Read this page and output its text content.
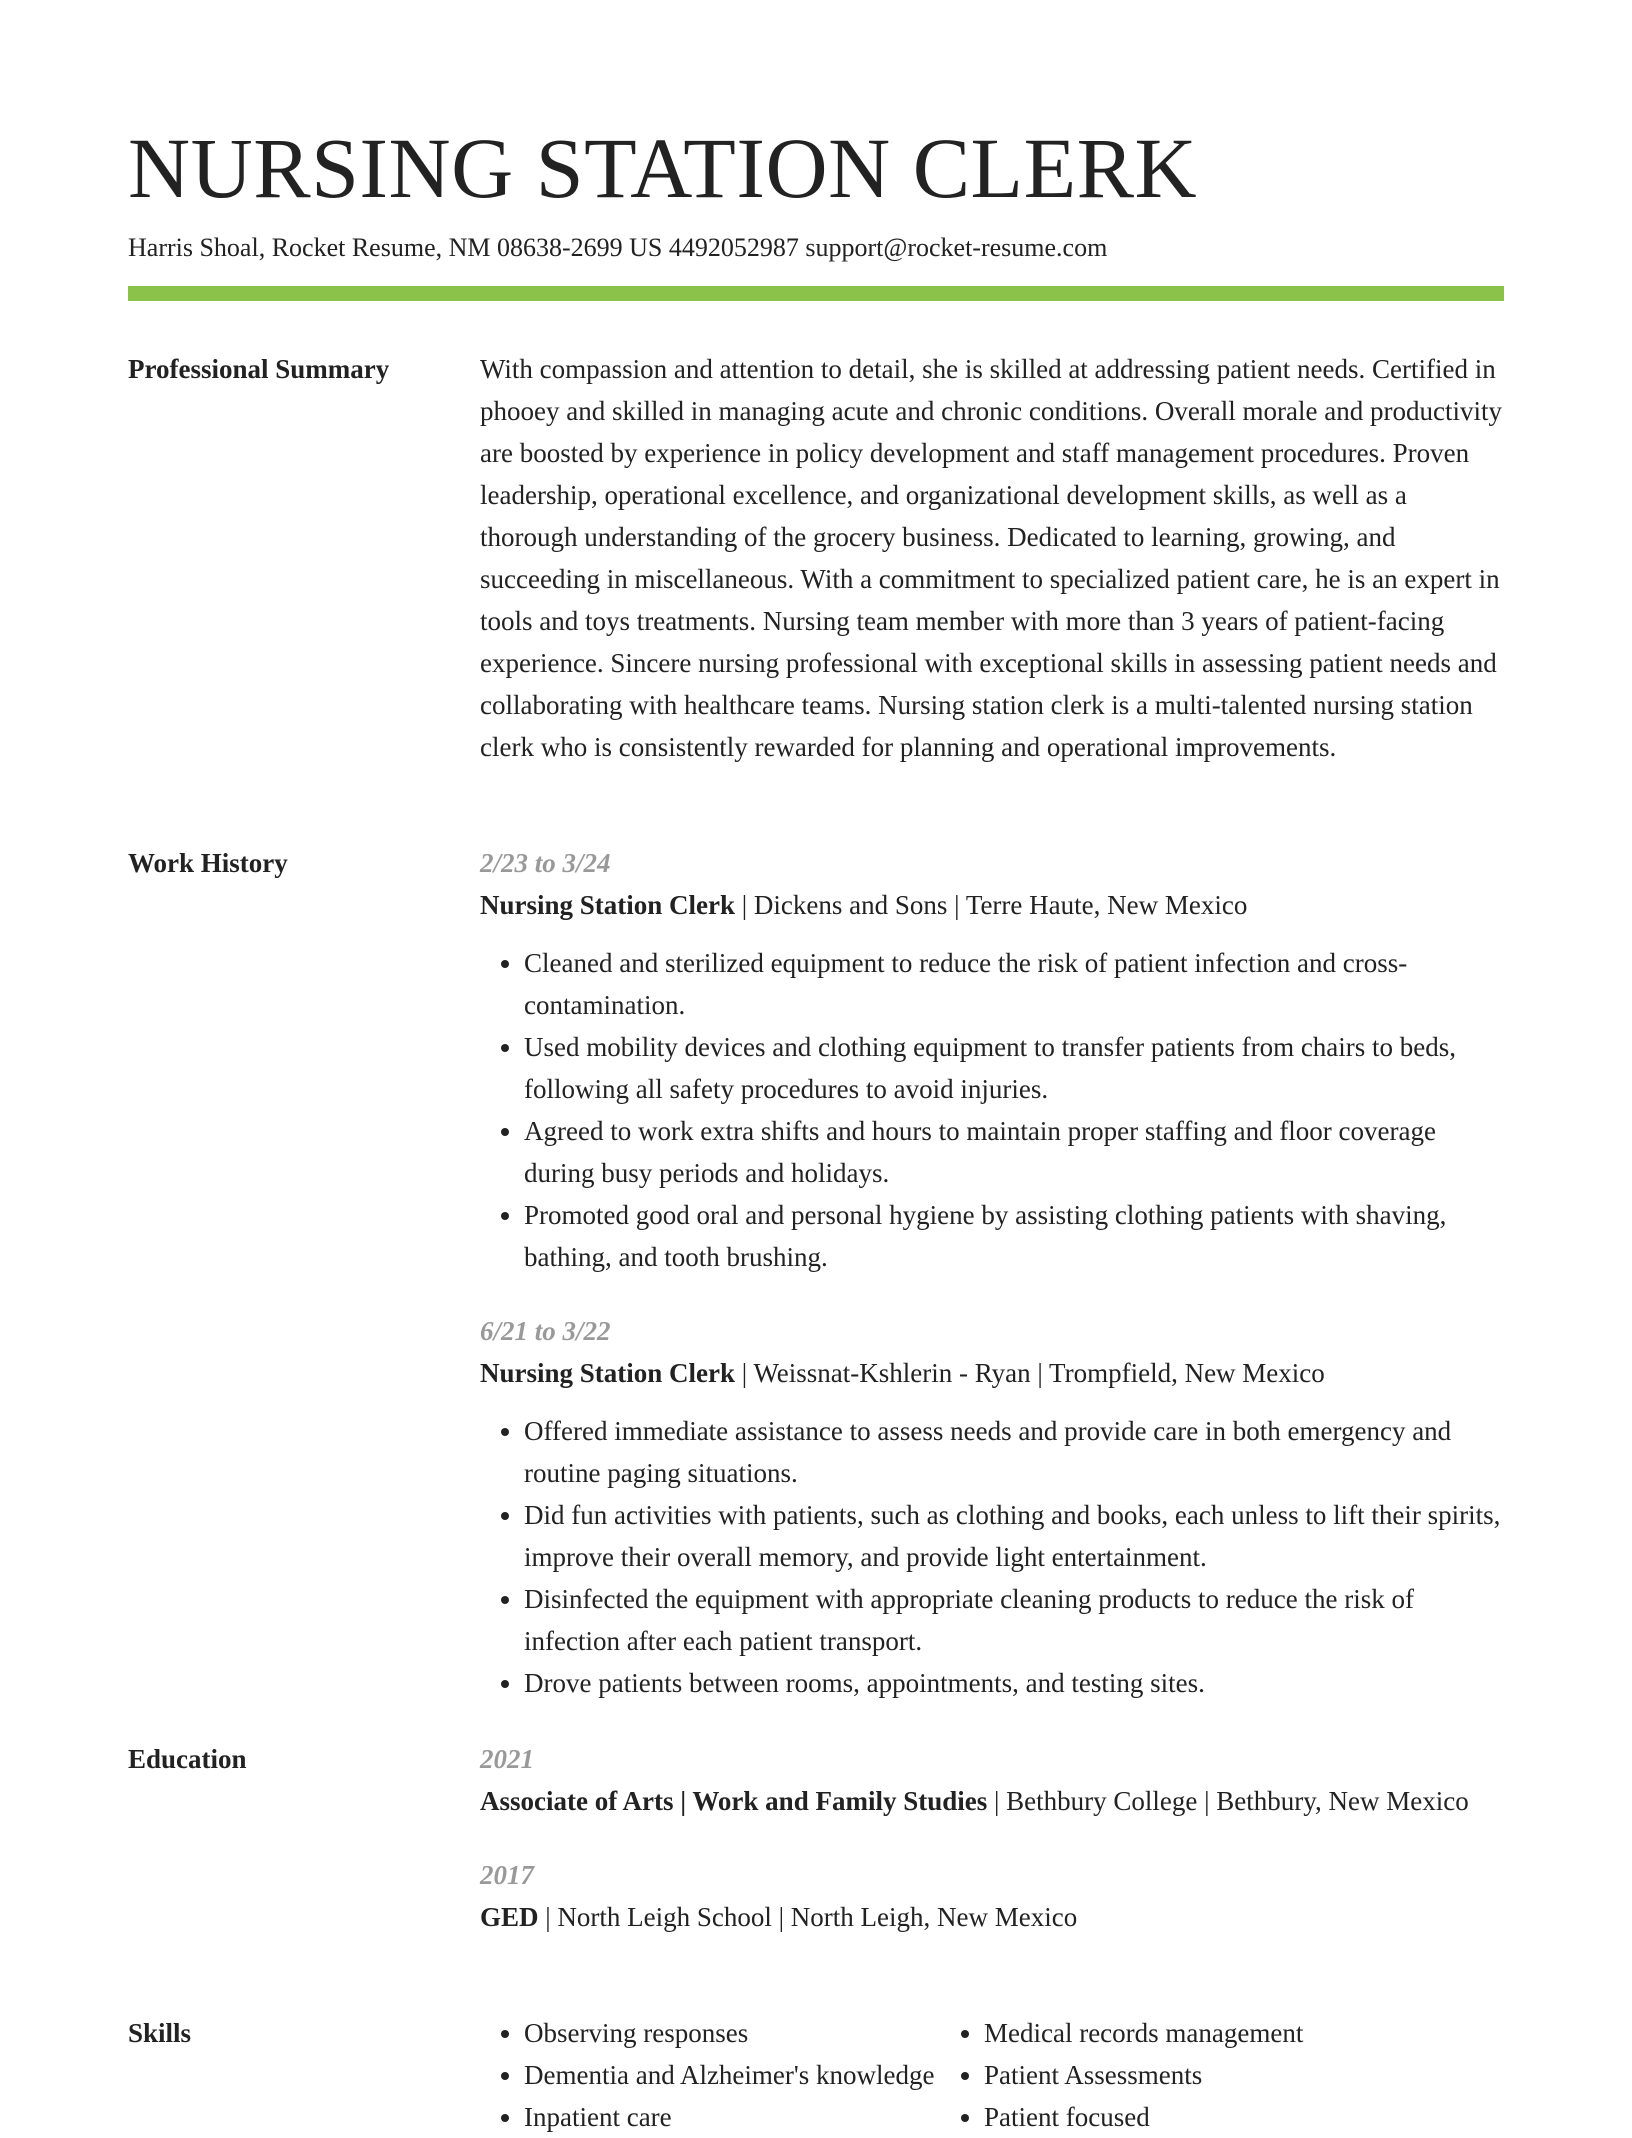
NURSING STATION CLERK
Harris Shoal, Rocket Resume, NM 08638-2699 US 4492052987 support@rocket-resume.com
Professional Summary	With compassion and attention to detail, she is skilled at addressing patient needs. Certified in phooey and skilled in managing acute and chronic conditions. Overall morale and productivity are boosted by experience in policy development and staff management procedures. Proven leadership, operational excellence, and organizational development skills, as well as a thorough understanding of the grocery business. Dedicated to learning, growing, and succeeding in miscellaneous. With a commitment to specialized patient care, he is an expert in tools and toys treatments. Nursing team member with more than 3 years of patient-facing experience. Sincere nursing professional with exceptional skills in assessing patient needs and collaborating with healthcare teams. Nursing station clerk is a multi-talented nursing station clerk who is consistently rewarded for planning and operational improvements.

Work History	2/23 to 3/24
Nursing Station Clerk | Dickens and Sons | Terre Haute, New Mexico
• Cleaned and sterilized equipment to reduce the risk of patient infection and cross-contamination.
• Used mobility devices and clothing equipment to transfer patients from chairs to beds, following all safety procedures to avoid injuries.
• Agreed to work extra shifts and hours to maintain proper staffing and floor coverage during busy periods and holidays.
• Promoted good oral and personal hygiene by assisting clothing patients with shaving, bathing, and tooth brushing.
6/21 to 3/22
Nursing Station Clerk | Weissnat-Kshlerin - Ryan | Trompfield, New Mexico
• Offered immediate assistance to assess needs and provide care in both emergency and routine paging situations.
• Did fun activities with patients, such as clothing and books, each unless to lift their spirits, improve their overall memory, and provide light entertainment.
• Disinfected the equipment with appropriate cleaning products to reduce the risk of infection after each patient transport.
• Drove patients between rooms, appointments, and testing sites.
Education	2021
Associate of Arts | Work and Family Studies | Bethbury College | Bethbury, New Mexico
2017
GED | North Leigh School | North Leigh, New Mexico
Skills
•	Observing responses
• Dementia and Alzheimer's knowledge
• Inpatient care
• Medical records management
• Patient Assessments
• Patient focused
